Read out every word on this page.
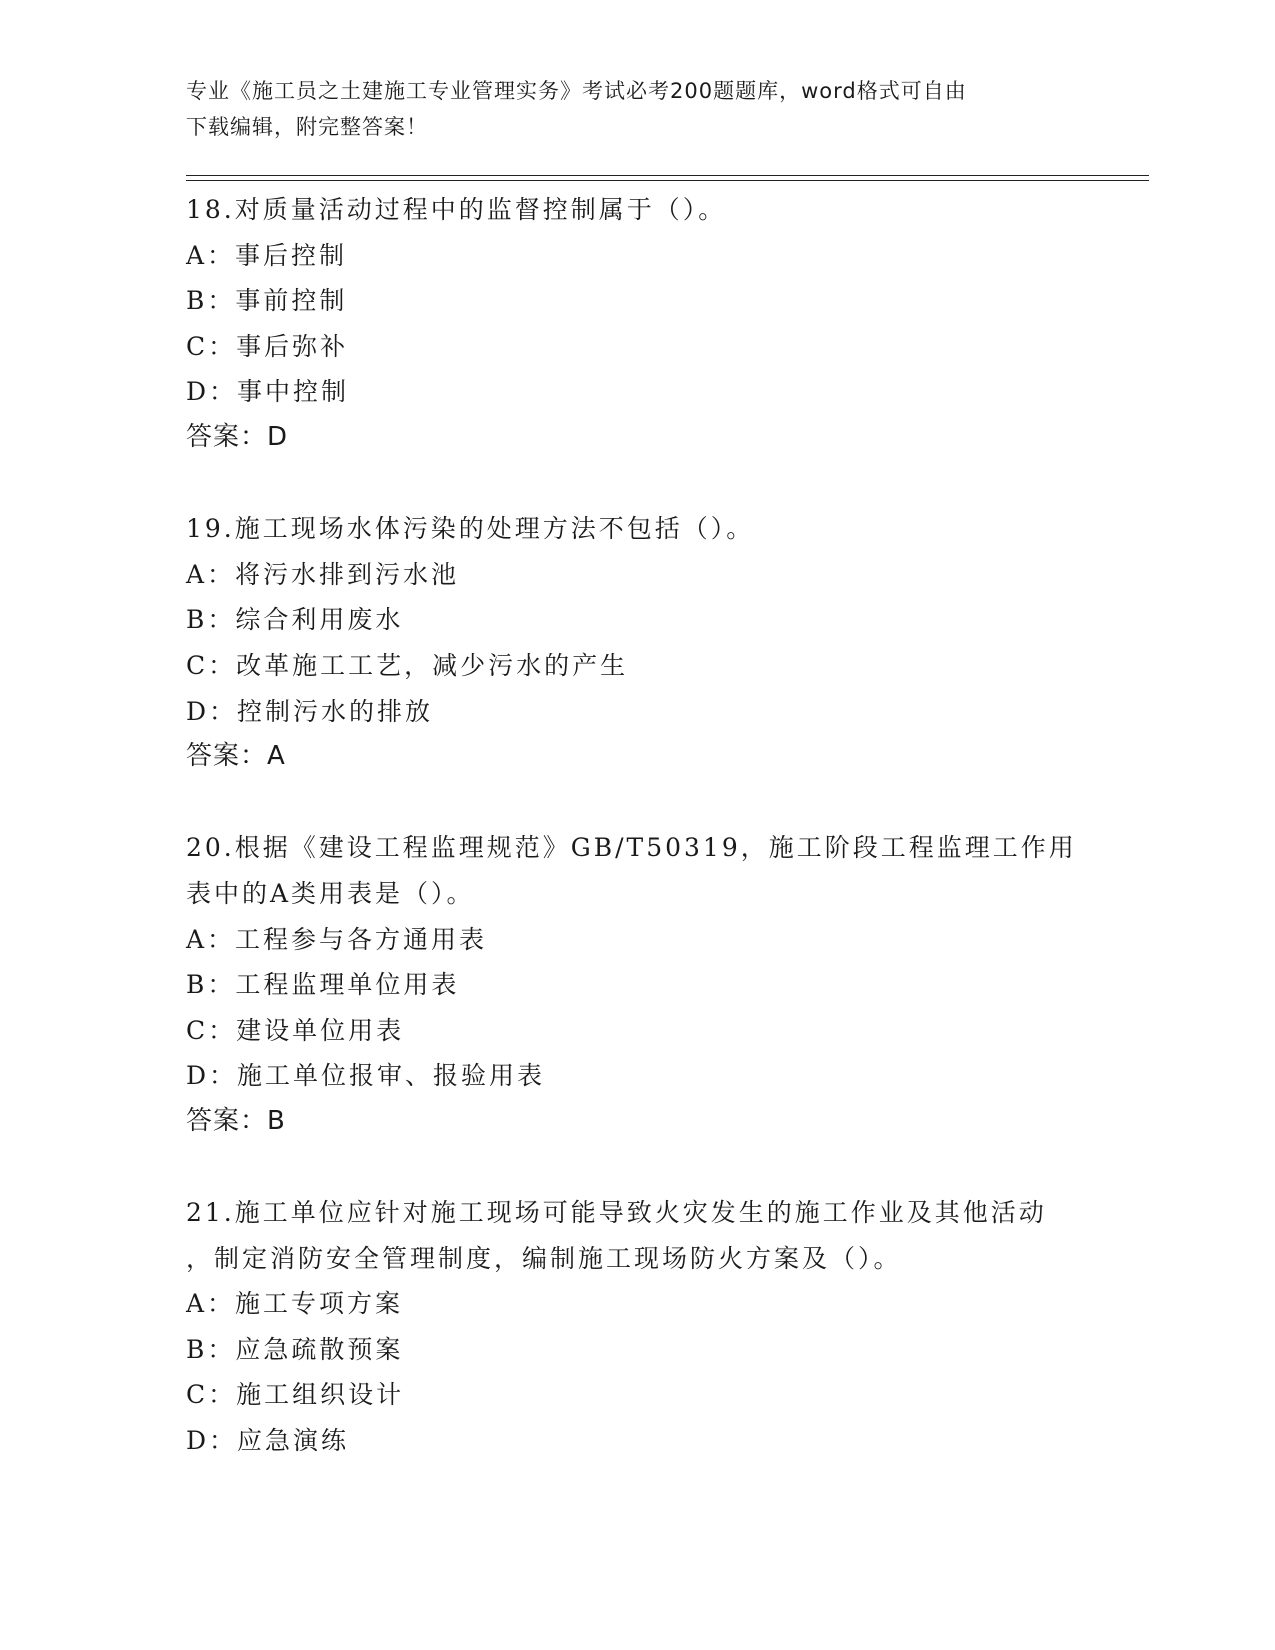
专业《施工员之土建施工专业管理实务》考试必考200题题库，word格式可自由
下载编辑，附完整答案！
18.对质量活动过程中的监督控制属于（）。
A：事后控制
B：事前控制
C：事后弥补
D：事中控制
答案：D
19.施工现场水体污染的处理方法不包括（）。
A：将污水排到污水池
B：综合利用废水
C：改革施工工艺，减少污水的产生
D：控制污水的排放
答案：A
20.根据《建设工程监理规范》GB/T50319，施工阶段工程监理工作用
表中的A类用表是（）。
A：工程参与各方通用表
B：工程监理单位用表
C：建设单位用表
D：施工单位报审、报验用表
答案：B
21.施工单位应针对施工现场可能导致火灾发生的施工作业及其他活动
，制定消防安全管理制度，编制施工现场防火方案及（）。
A：施工专项方案
B：应急疏散预案
C：施工组织设计
D：应急演练
